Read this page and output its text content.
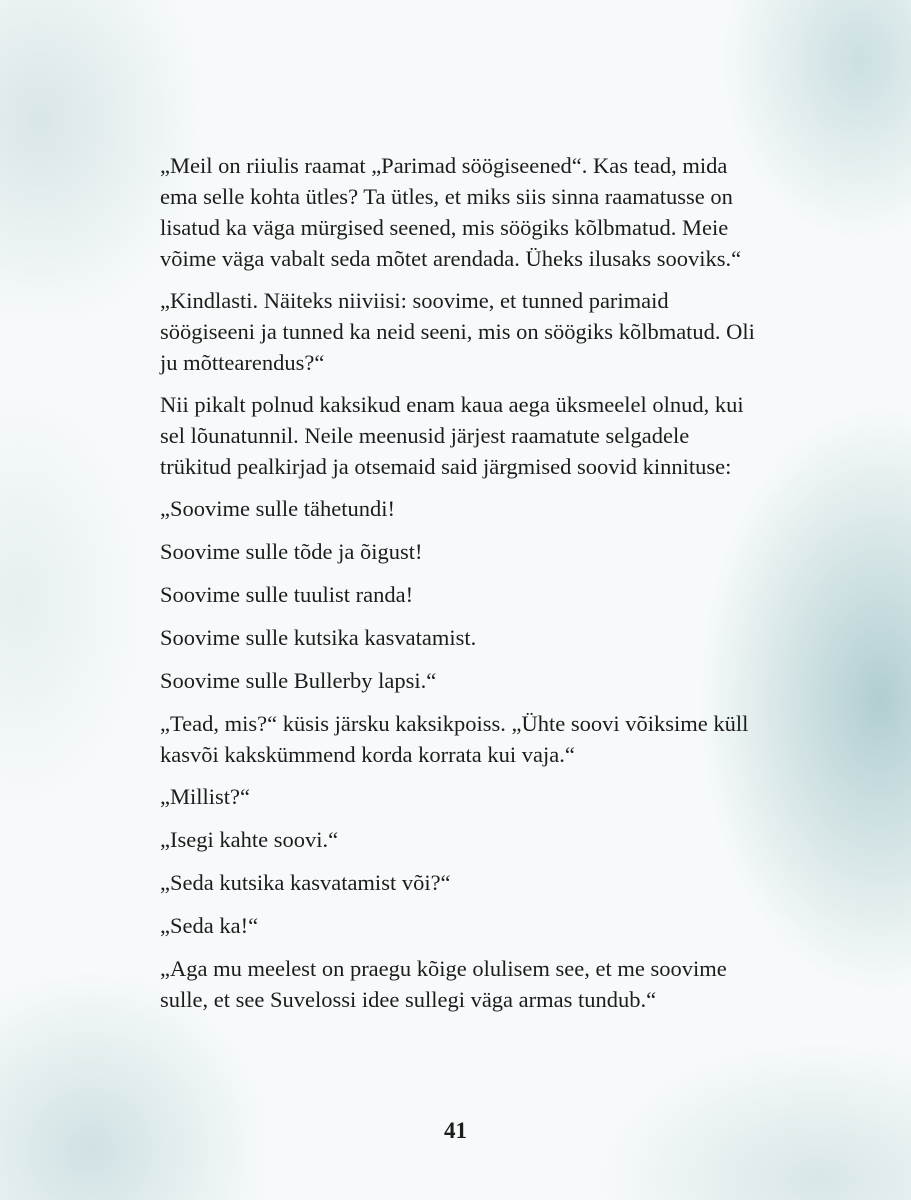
„Meil on riiulis raamat „Parimad söögiseened“. Kas tead, mida ema selle kohta ütles? Ta ütles, et miks siis sinna raamatusse on lisatud ka väga mürgised seened, mis söögiks kõlbmatud. Meie võime väga vabalt seda mõtet arendada. Üheks ilusaks sooviks.“

„Kindlasti. Näiteks niiviisi: soovime, et tunned parimaid söögiseeni ja tunned ka neid seeni, mis on söögiks kõlbmatud. Oli ju mõttearendus?“

Nii pikalt polnud kaksikud enam kaua aega üksmeelel olnud, kui sel lõunatunnil. Neile meenusid järjest raamatute selgadele trükitud pealkirjad ja otsemaid said järgmised soovid kinnituse:

„Soovime sulle tähetundi!

Soovime sulle tõde ja õigust!

Soovime sulle tuulist randa!

Soovime sulle kutsika kasvatamist.

Soovime sulle Bullerby lapsi.“

„Tead, mis?“ küsis järsku kaksikpoiss. „Ühte soovi võiksime küll kasvõi kakskümmend korda korrata kui vaja.“

„Millist?“

„Isegi kahte soovi.“

„Seda kutsika kasvatamist või?“

„Seda ka!“

„Aga mu meelest on praegu kõige olulisem see, et me soovime sulle, et see Suvelossi idee sullegi väga armas tundub.“

41
